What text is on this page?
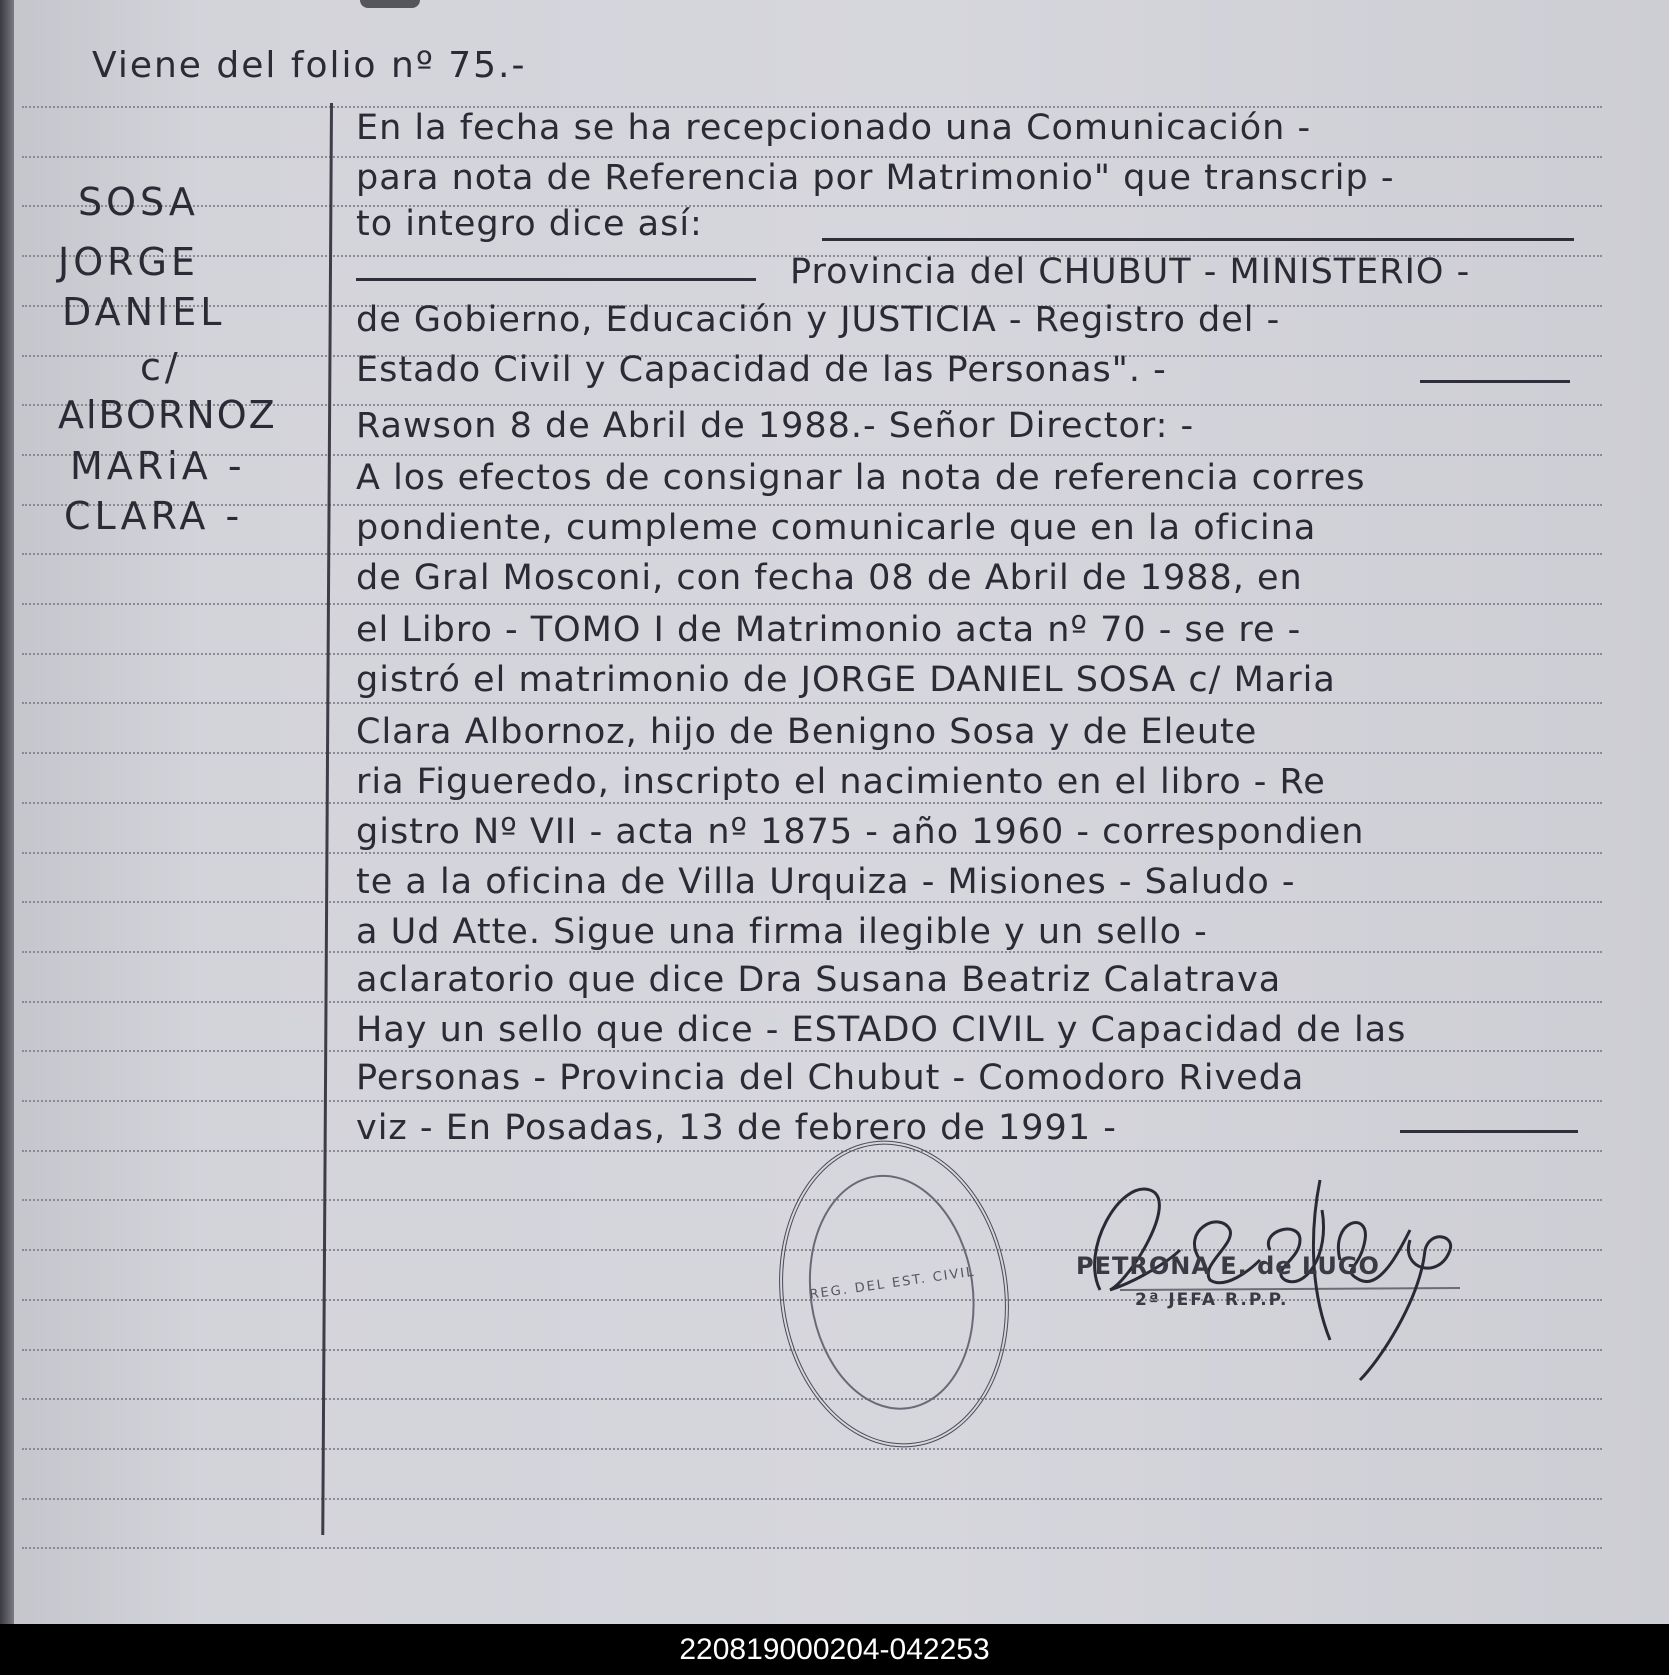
Viene del folio nº 75.-
SOSA
JORGE
DANIEL
c/
AlBORNOZ
MARiA -
CLARA -
En la fecha se ha recepcionado una Comunicación -
para nota de Referencia por Matrimonio" que transcrip -
to integro dice así:
Provincia del CHUBUT - MINISTERIO -
de Gobierno, Educación y JUSTICIA - Registro del -
Estado Civil y Capacidad de las Personas". -
Rawson 8 de Abril de 1988.- Señor Director: -
A los efectos de consignar la nota de referencia corres
pondiente, cumpleme comunicarle que en la oficina
de Gral Mosconi, con fecha 08 de Abril de 1988, en
el Libro - TOMO I de Matrimonio acta nº 70 - se re -
gistró el matrimonio de JORGE DANIEL SOSA c/ Maria
Clara Albornoz, hijo de Benigno Sosa y de Eleute
ria Figueredo, inscripto el nacimiento en el libro - Re
gistro Nº VII - acta nº 1875 - año 1960 - correspondien
te a la oficina de Villa Urquiza - Misiones - Saludo -
a Ud Atte. Sigue una firma ilegible y un sello -
aclaratorio que dice Dra Susana Beatriz Calatrava
Hay un sello que dice - ESTADO CIVIL y Capacidad de las
Personas - Provincia del Chubut - Comodoro Riveda
viz - En Posadas, 13 de febrero de 1991 -
REG. DEL EST. CIVIL	PETRONA E. de LUGO
2ª JEFA R.P.P.
220819000204-042253
